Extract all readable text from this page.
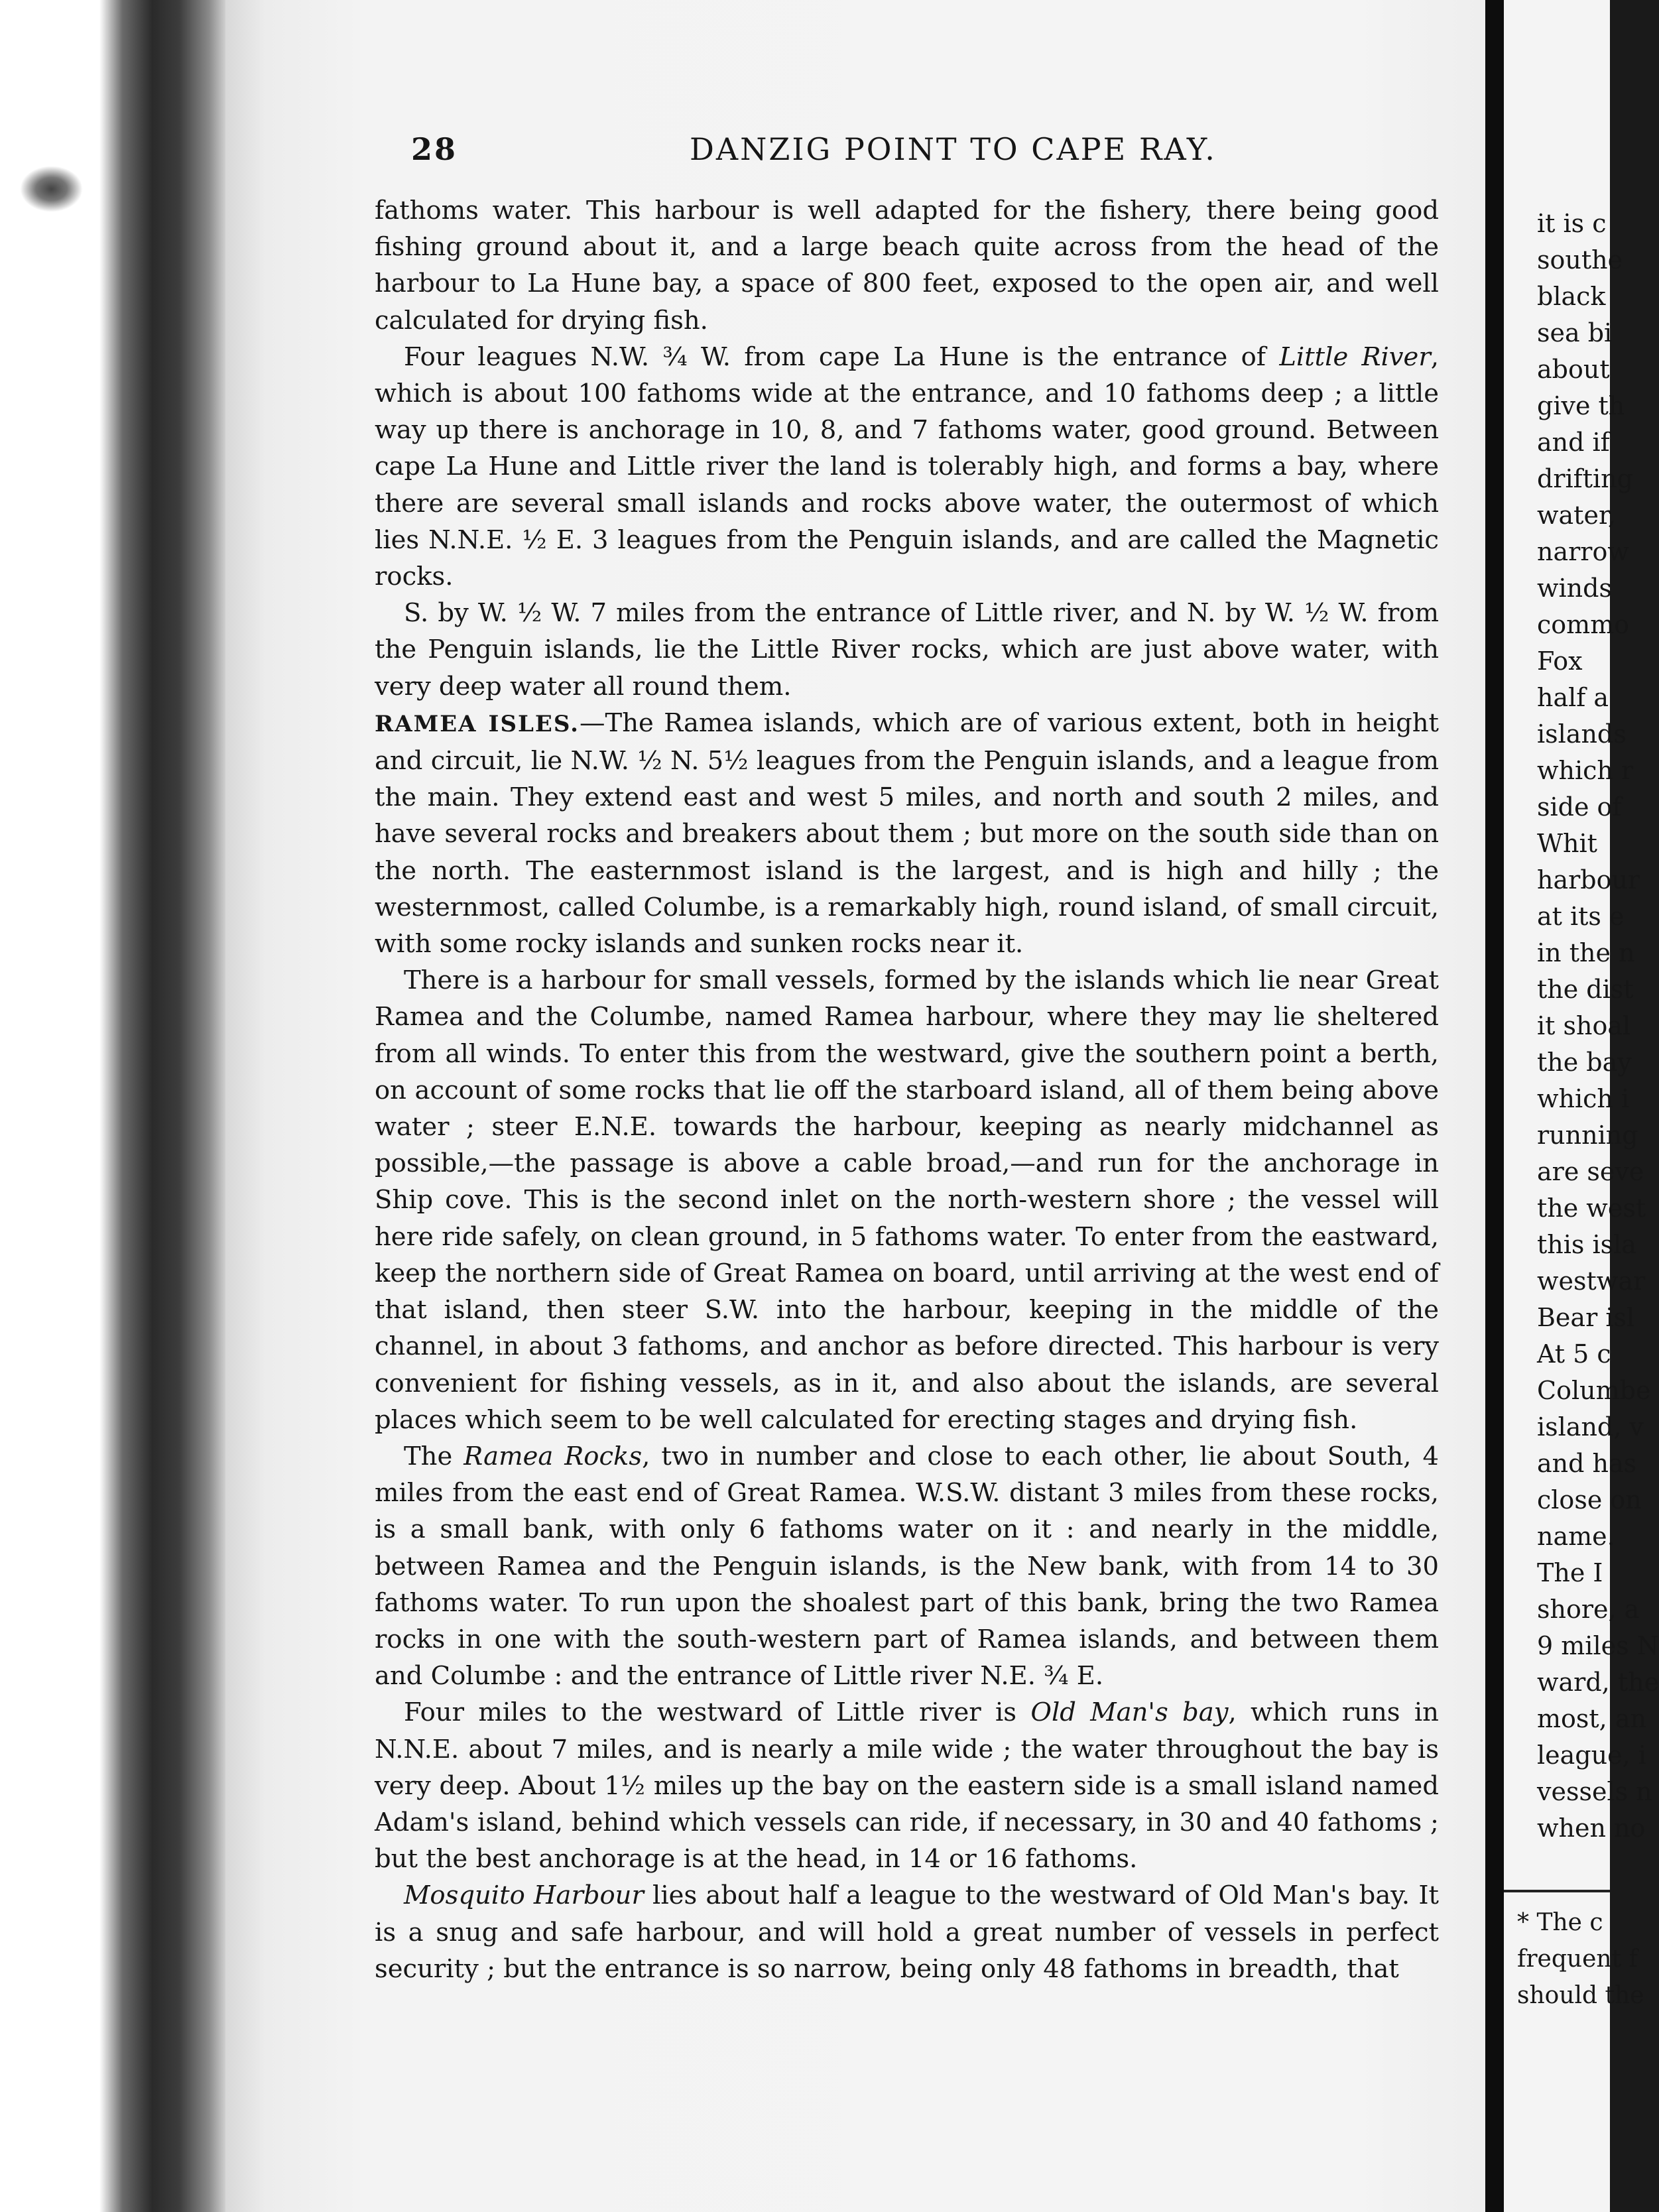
28	DANZIG POINT TO CAPE RAY.

fathoms water. This harbour is well adapted for the fishery, there being good fishing ground about it, and a large beach quite across from the head of the harbour to La Hune bay, a space of 800 feet, exposed to the open air, and well calculated for drying fish.

Four leagues N.W. ¾ W. from cape La Hune is the entrance of Little River, which is about 100 fathoms wide at the entrance, and 10 fathoms deep ; a little way up there is anchorage in 10, 8, and 7 fathoms water, good ground. Between cape La Hune and Little river the land is tolerably high, and forms a bay, where there are several small islands and rocks above water, the outermost of which lies N.N.E. ½ E. 3 leagues from the Penguin islands, and are called the Magnetic rocks.

S. by W. ½ W. 7 miles from the entrance of Little river, and N. by W. ½ W. from the Penguin islands, lie the Little River rocks, which are just above water, with very deep water all round them.

RAMEA ISLES.—The Ramea islands, which are of various extent, both in height and circuit, lie N.W. ½ N. 5½ leagues from the Penguin islands, and a league from the main. They extend east and west 5 miles, and north and south 2 miles, and have several rocks and breakers about them ; but more on the south side than on the north. The easternmost island is the largest, and is high and hilly ; the westernmost, called Columbe, is a remarkably high, round island, of small circuit, with some rocky islands and sunken rocks near it.

There is a harbour for small vessels, formed by the islands which lie near Great Ramea and the Columbe, named Ramea harbour, where they may lie sheltered from all winds. To enter this from the westward, give the southern point a berth, on account of some rocks that lie off the starboard island, all of them being above water ; steer E.N.E. towards the harbour, keeping as nearly midchannel as possible,—the passage is above a cable broad,—and run for the anchorage in Ship cove. This is the second inlet on the north-western shore ; the vessel will here ride safely, on clean ground, in 5 fathoms water. To enter from the eastward, keep the northern side of Great Ramea on board, until arriving at the west end of that island, then steer S.W. into the harbour, keeping in the middle of the channel, in about 3 fathoms, and anchor as before directed. This harbour is very convenient for fishing vessels, as in it, and also about the islands, are several places which seem to be well calculated for erecting stages and drying fish.

The Ramea Rocks, two in number and close to each other, lie about South, 4 miles from the east end of Great Ramea. W.S.W. distant 3 miles from these rocks, is a small bank, with only 6 fathoms water on it : and nearly in the middle, between Ramea and the Penguin islands, is the New bank, with from 14 to 30 fathoms water. To run upon the shoalest part of this bank, bring the two Ramea rocks in one with the south-western part of Ramea islands, and between them and Columbe : and the entrance of Little river N.E. ¾ E.

Four miles to the westward of Little river is Old Man's bay, which runs in N.N.E. about 7 miles, and is nearly a mile wide ; the water throughout the bay is very deep. About 1½ miles up the bay on the eastern side is a small island named Adam's island, behind which vessels can ride, if necessary, in 30 and 40 fathoms ; but the best anchorage is at the head, in 14 or 16 fathoms.

Mosquito Harbour lies about half a league to the westward of Old Man's bay. It is a snug and safe harbour, and will hold a great number of vessels in perfect security ; but the entrance is so narrow, being only 48 fathoms in breadth, that

it is c
southe
black
sea bi
about
give th
and if
drifting
water,
narrow
winds
commo
Fox
half a
islands
which r
side of
Whit
harbour
at its e
in the n
the dist
it shoal
the bay
which i
running
are seve
the west
this isla
westwar
Bear isl
At 5 c
Columbe
island, v
and has
close on
name.
The I
shore, a
9 miles N
ward, the
most, an
league, i
vessels n
when no
* The c
frequent f
should the
